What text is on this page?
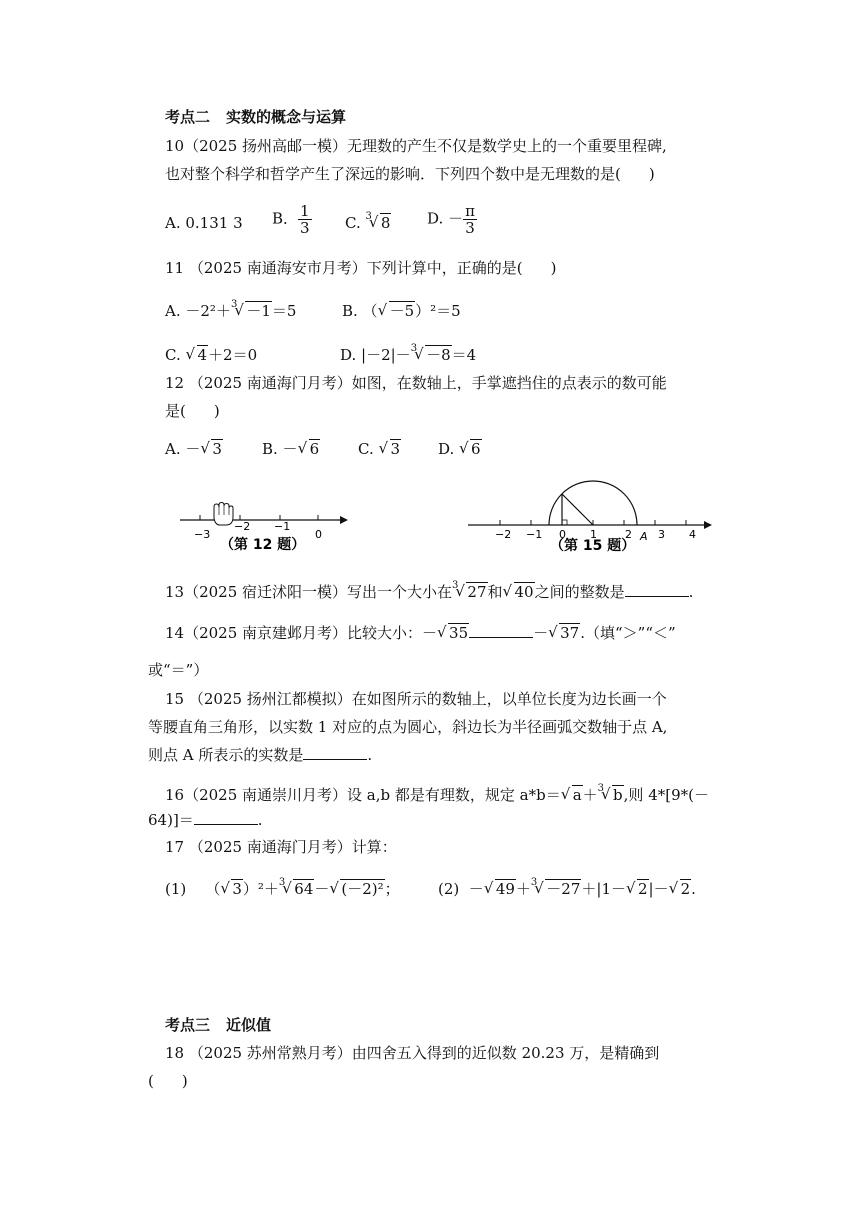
考点二 实数的概念与运算
10（2025 扬州高邮一模）无理数的产生不仅是数学史上的一个重要里程碑,
也对整个科学和哲学产生了深远的影响．下列四个数中是无理数的是( )
A. 0.131 3 B． $\frac{1}{3} C$. $^3$ √ 8 D. － $\frac{\pi}{3}$
11 （2025 南通海安市月考）下列计算中，正确的是( )
A. －2²＋$^3$ √ －1＝5	B. （ √ －5）²＝5
C. √ 4＋2＝0	D. |－2|－$^3$ √ －8＝4
12 （2025 南通海门月考）如图，在数轴上，手掌遮挡住的点表示的数可能
是( )
A. － √ 3	B. － √ 6	C. √ 3	D. √ 6
−3
−2 −1
0
（第 12 题）
−2 −1 0 1	2 3 4
A
（第 15 题）
13（2025 宿迁沭阳一模）写出一个大小在$^3$ √ 27和 √ 40之间的整数是	.
14（2025 南京建邺月考）比较大小：－ √ 35	－ √ 37.（填“＞”“＜”
或“＝”）
15 （2025 扬州江都模拟）在如图所示的数轴上，以单位长度为边长画一个
等腰直角三角形，以实数 1 对应的点为圆心，斜边长为半径画弧交数轴于点 A,
则点 A 所表示的实数是	.
16（2025 南通崇川月考）设 a,b 都是有理数，规定 a*b＝ √ a＋$^3$ √ b,则 4*[9*(－
64)]＝	.
17 （2025 南通海门月考）计算：
(1) （ √ 3）²＋$^3$ √ 64－ √ (－2)²；	(2) － √ 49＋$^3$ √ －27＋|1－ √ 2|－ √ 2.
考点三 近似值
18 （2025 苏州常熟月考）由四舍五入得到的近似数 20.23 万，是精确到
( )
